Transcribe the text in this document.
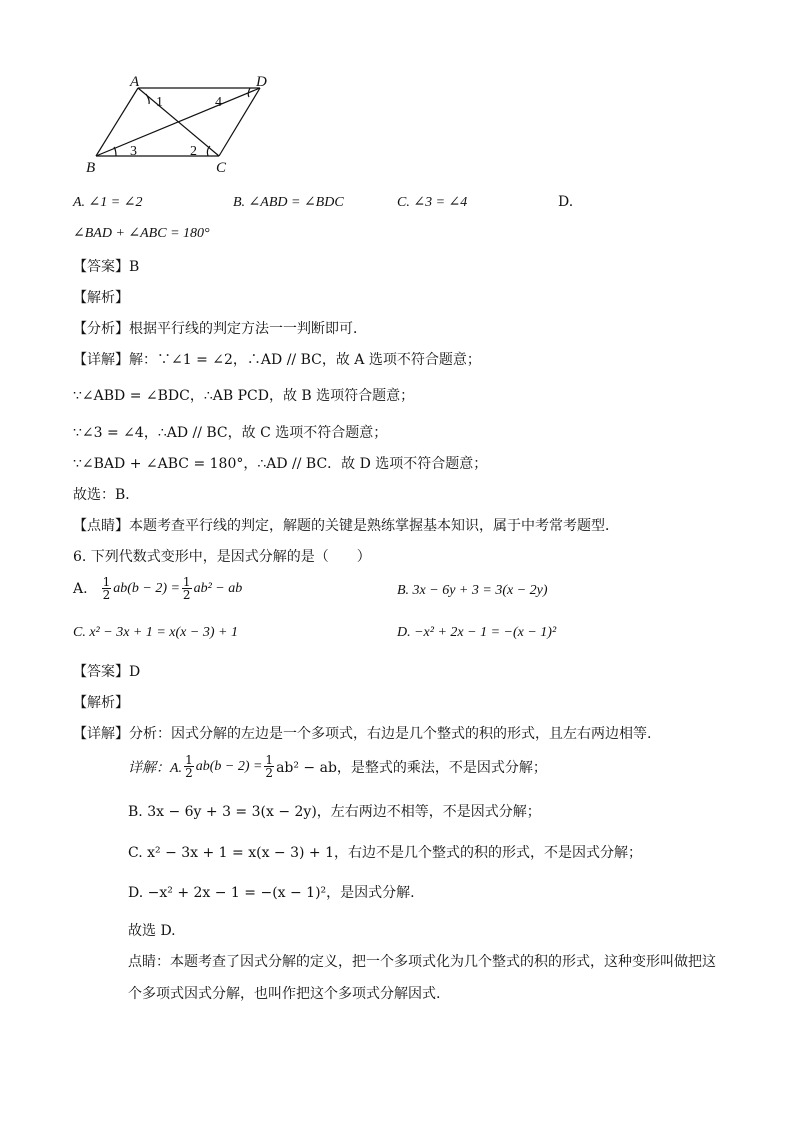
A	D
B	C
1	4
3	2
A. ∠1 = ∠2	B. ∠ABD = ∠BDC	C. ∠3 = ∠4	D.
∠BAD + ∠ABC = 180°
【答案】B
【解析】
【分析】根据平行线的判定方法一一判断即可．
【详解】解：∵∠1 = ∠2，∴AD // BC，故 A 选项不符合题意；
∵∠ABD = ∠BDC，∴AB PCD，故 B 选项符合题意；
∵∠3 = ∠4，∴AD // BC，故 C 选项不符合题意；
∵∠BAD + ∠ABC = 180°，∴AD // BC．故 D 选项不符合题意；
故选：B．
【点睛】本题考查平行线的判定，解题的关键是熟练掌握基本知识，属于中考常考题型．
6. 下列代数式变形中，是因式分解的是（　　）
A. $\frac{1}{2} ab(b - 2) = \frac{1}{2} ab^2$ − ab	B. 3x − 6y + 3 = 3(x − 2y)
C. x² − 3x + 1 = x(x − 3) + 1	D. −x² + 2x − 1 = −(x − 1)²
【答案】D
【解析】
【详解】分析：因式分解的左边是一个多项式，右边是几个整式的积的形式，且左右两边相等.
详解：A. $\frac{1}{2} ab(b - 2) = \frac{1}{2} ab^2$ − ab，是整式的乘法，不是因式分解；
B. 3x − 6y + 3 = 3(x − 2y)，左右两边不相等，不是因式分解；
C. x² − 3x + 1 = x(x − 3) + 1，右边不是几个整式的积的形式，不是因式分解；
D. −x² + 2x − 1 = −(x − 1)²，是因式分解.
故选 D.
点睛：本题考查了因式分解的定义，把一个多项式化为几个整式的积的形式，这种变形叫做把这
个多项式因式分解，也叫作把这个多项式分解因式.
